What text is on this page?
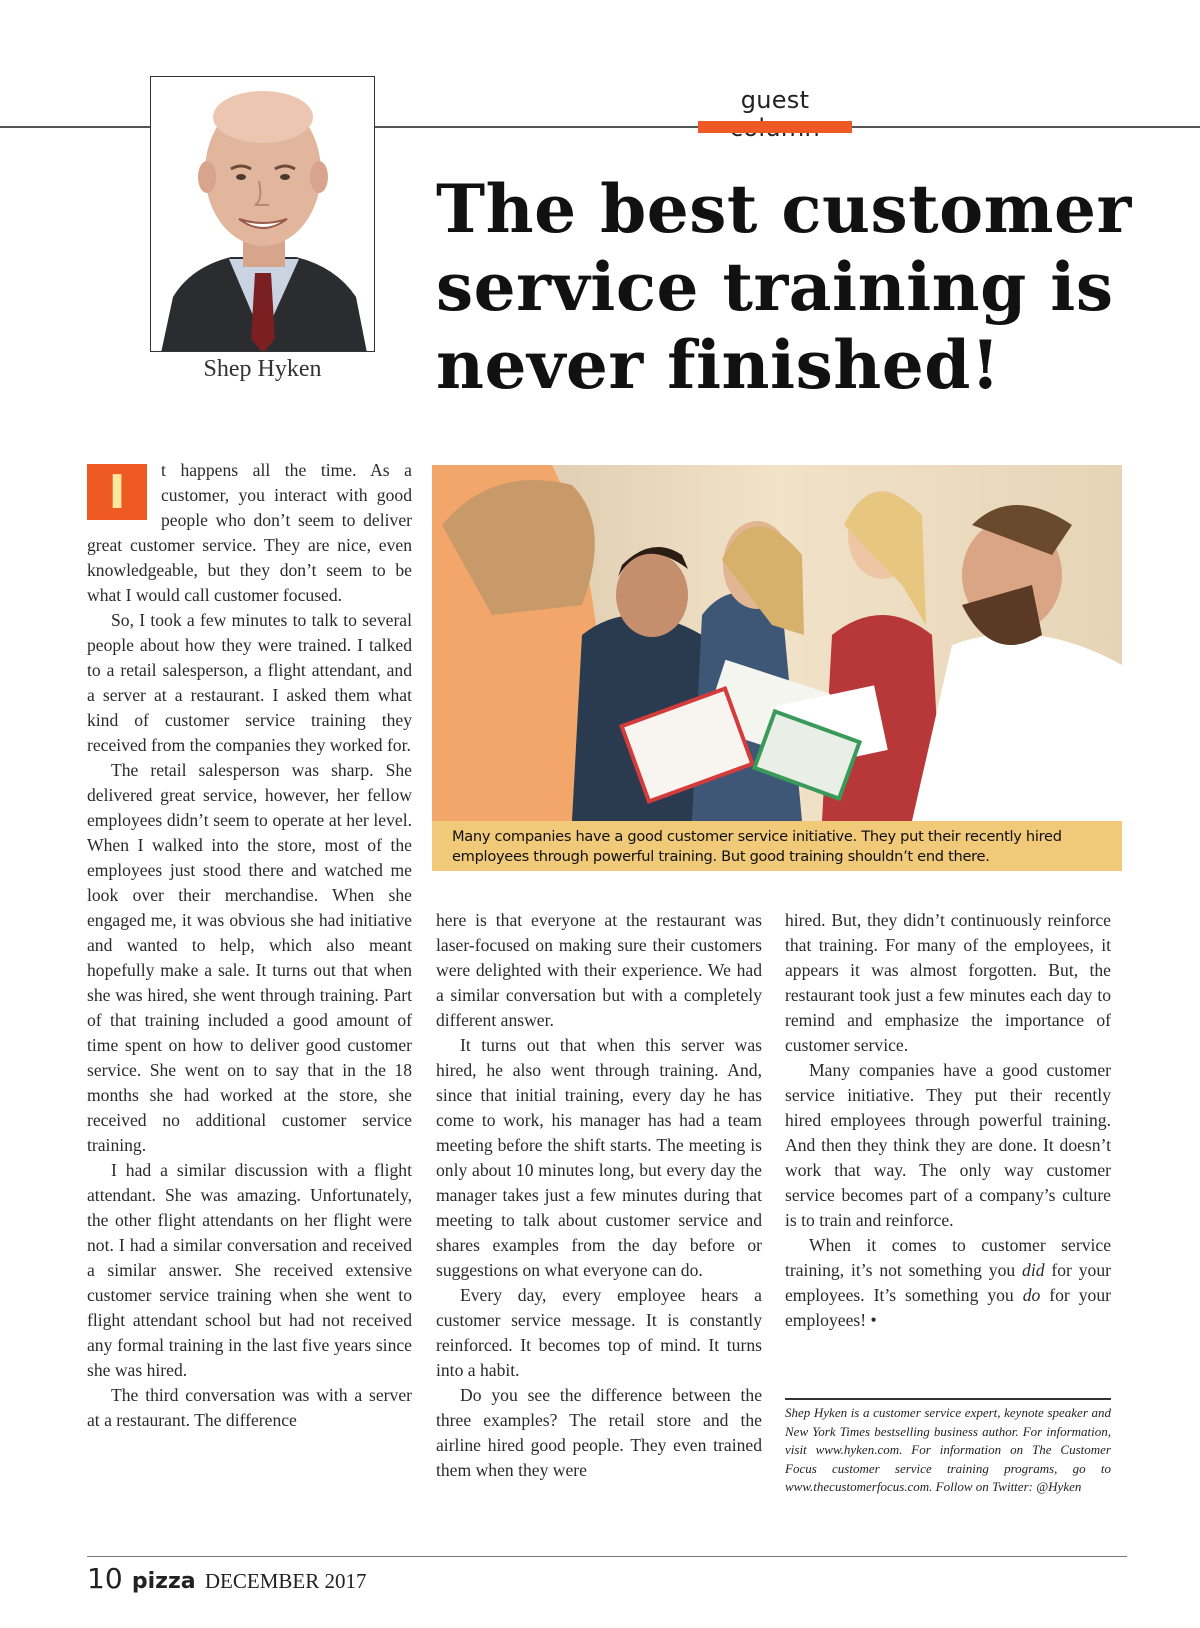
guest
Shep Hyken
The best customer
service training is
never finished!

I	t happens all the time. As a customer, you interact with good people who don’t seem to deliver great customer service. They are nice, even knowledgeable, but they don’t seem to be what I would call customer focused.

So, I took a few minutes to talk to several people about how they were trained. I talked to a retail salesperson, a flight attendant, and a server at a restaurant. I asked them what kind of customer service training they received from the companies they worked for.

The retail salesperson was sharp. She delivered great service, however, her fellow employees didn’t seem to operate at her level. When I walked into the store, most of the employees just stood there and watched me look over their merchandise. When she engaged me, it was obvious she had initiative and wanted to help, which also meant hopefully make a sale. It turns out that when she was hired, she went through training. Part of that training included a good amount of time spent on how to deliver good customer service. She went on to say that in the 18 months she had worked at the store, she received no additional customer service training.

I had a similar discussion with a flight attendant. She was amazing. Unfortunately, the other flight attendants on her flight were not. I had a similar conversation and received a similar answer. She received extensive customer service training when she went to flight attendant school but had not received any formal training in the last five years since she was hired.

The third conversation was with a server at a restaurant. The difference

Many companies have a good customer service initiative. They put their recently hired employees through powerful training. But good training shouldn’t end there.

here is that everyone at the restaurant was laser-focused on making sure their customers were delighted with their experience. We had a similar conversation but with a completely different answer.

It turns out that when this server was hired, he also went through training. And, since that initial training, every day he has come to work, his manager has had a team meeting before the shift starts. The meeting is only about 10 minutes long, but every day the manager takes just a few minutes during that meeting to talk about customer service and shares examples from the day before or suggestions on what everyone can do.

Every day, every employee hears a customer service message. It is constantly reinforced. It becomes top of mind. It turns into a habit.

Do you see the difference between the three examples? The retail store and the airline hired good people. They even trained them when they were

hired. But, they didn’t continuously reinforce that training. For many of the employees, it appears it was almost forgotten. But, the restaurant took just a few minutes each day to remind and emphasize the importance of customer service.

Many companies have a good customer service initiative. They put their recently hired employees through powerful training. And then they think they are done. It doesn’t work that way. The only way customer service becomes part of a company’s culture is to train and reinforce.

When it comes to customer service training, it’s not something you did for your employees. It’s something you do for your employees! •

Shep Hyken is a customer service expert, keynote speaker and New York Times bestselling business author. For information, visit www.hyken.com. For information on The Customer Focus customer service training programs, go to www.thecustomerfocus.com. Follow on Twitter: @Hyken
10 pizza DECEMBER 2017
